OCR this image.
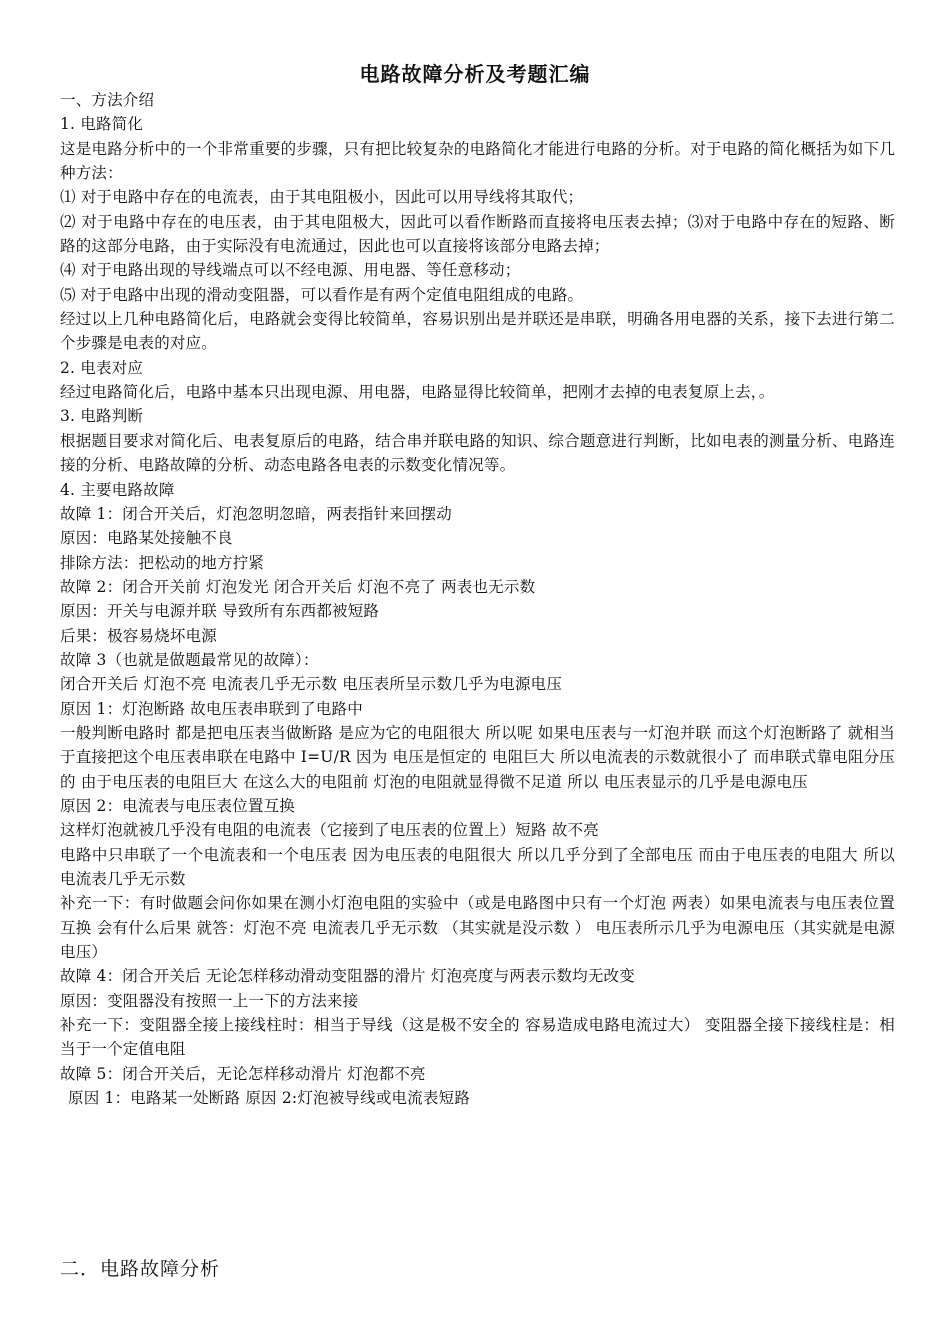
电路故障分析及考题汇编

一、方法介绍

1. 电路简化

这是电路分析中的一个非常重要的步骤，只有把比较复杂的电路简化才能进行电路的分析。对于电路的简化概括为如下几种方法：

⑴ 对于电路中存在的电流表，由于其电阻极小，因此可以用导线将其取代；

⑵ 对于电路中存在的电压表，由于其电阻极大，因此可以看作断路而直接将电压表去掉；⑶对于电路中存在的短路、断路的这部分电路，由于实际没有电流通过，因此也可以直接将该部分电路去掉；

⑷ 对于电路出现的导线端点可以不经电源、用电器、等任意移动；

⑸ 对于电路中出现的滑动变阻器，可以看作是有两个定值电阻组成的电路。

经过以上几种电路简化后，电路就会变得比较简单，容易识别出是并联还是串联，明确各用电器的关系，接下去进行第二个步骤是电表的对应。

2. 电表对应

经过电路简化后，电路中基本只出现电源、用电器，电路显得比较简单，把刚才去掉的电表复原上去，。

3. 电路判断

根据题目要求对简化后、电表复原后的电路，结合串并联电路的知识、综合题意进行判断，比如电表的测量分析、电路连接的分析、电路故障的分析、动态电路各电表的示数变化情况等。

4. 主要电路故障

故障 1：闭合开关后，灯泡忽明忽暗，两表指针来回摆动

原因：电路某处接触不良

排除方法：把松动的地方拧紧

故障 2：闭合开关前 灯泡发光 闭合开关后 灯泡不亮了 两表也无示数

原因：开关与电源并联 导致所有东西都被短路

后果：极容易烧坏电源

故障 3（也就是做题最常见的故障）：

闭合开关后 灯泡不亮 电流表几乎无示数 电压表所呈示数几乎为电源电压

原因 1：灯泡断路 故电压表串联到了电路中

一般判断电路时 都是把电压表当做断路 是应为它的电阻很大 所以呢 如果电压表与一灯泡并联 而这个灯泡断路了 就相当于直接把这个电压表串联在电路中 I=U/R 因为 电压是恒定的 电阻巨大 所以电流表的示数就很小了 而串联式靠电阻分压的 由于电压表的电阻巨大 在这么大的电阻前 灯泡的电阻就显得微不足道 所以 电压表显示的几乎是电源电压

原因 2：电流表与电压表位置互换

这样灯泡就被几乎没有电阻的电流表（它接到了电压表的位置上）短路 故不亮

电路中只串联了一个电流表和一个电压表 因为电压表的电阻很大 所以几乎分到了全部电压 而由于电压表的电阻大 所以电流表几乎无示数

补充一下：有时做题会问你如果在测小灯泡电阻的实验中（或是电路图中只有一个灯泡 两表）如果电流表与电压表位置互换 会有什么后果 就答：灯泡不亮 电流表几乎无示数 （其实就是没示数 ） 电压表所示几乎为电源电压（其实就是电源电压）

故障 4：闭合开关后 无论怎样移动滑动变阻器的滑片 灯泡亮度与两表示数均无改变

原因：变阻器没有按照一上一下的方法来接

补充一下：变阻器全接上接线柱时：相当于导线（这是极不安全的 容易造成电路电流过大） 变阻器全接下接线柱是：相当于一个定值电阻

故障 5：闭合开关后，无论怎样移动滑片 灯泡都不亮

原因 1：电路某一处断路 原因 2:灯泡被导线或电流表短路

二．电路故障分析
